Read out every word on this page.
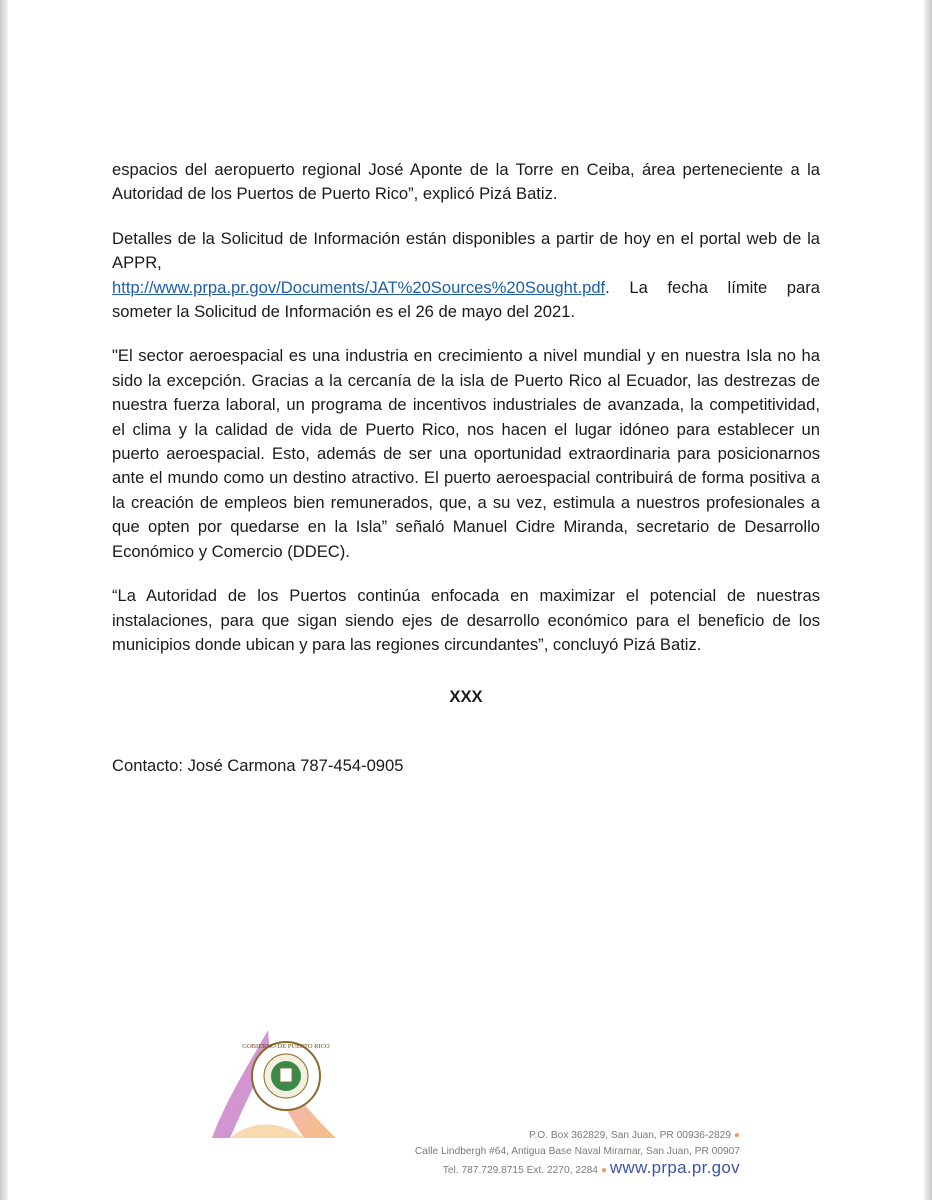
espacios del aeropuerto regional José Aponte de la Torre en Ceiba, área perteneciente a la Autoridad de los Puertos de Puerto Rico”, explicó Pizá Batiz.

Detalles de la Solicitud de Información están disponibles a partir de hoy en el portal web de la APPR,
http://www.prpa.pr.gov/Documents/JAT%20Sources%20Sought.pdf. La fecha límite para someter la Solicitud de Información es el 26 de mayo del 2021.

"El sector aeroespacial es una industria en crecimiento a nivel mundial y en nuestra Isla no ha sido la excepción. Gracias a la cercanía de la isla de Puerto Rico al Ecuador, las destrezas de nuestra fuerza laboral, un programa de incentivos industriales de avanzada, la competitividad, el clima y la calidad de vida de Puerto Rico, nos hacen el lugar idóneo para establecer un puerto aeroespacial. Esto, además de ser una oportunidad extraordinaria para posicionarnos ante el mundo como un destino atractivo. El puerto aeroespacial contribuirá de forma positiva a la creación de empleos bien remunerados, que, a su vez, estimula a nuestros profesionales a que opten por quedarse en la Isla” señaló Manuel Cidre Miranda, secretario de Desarrollo Económico y Comercio (DDEC).

“La Autoridad de los Puertos continúa enfocada en maximizar el potencial de nuestras instalaciones, para que sigan siendo ejes de desarrollo económico para el beneficio de los municipios donde ubican y para las regiones circundantes”, concluyó Pizá Batiz.

XXX

Contacto: José Carmona 787-454-0905

GOBIERNO DE PUERTO RICO
P.O. Box 362829, San Juan, PR 00936-2829 ●
Calle Lindbergh #64, Antigua Base Naval Miramar, San Juan, PR 00907
Tel. 787.729.8715 Ext. 2270, 2284 ● www.prpa.pr.gov
